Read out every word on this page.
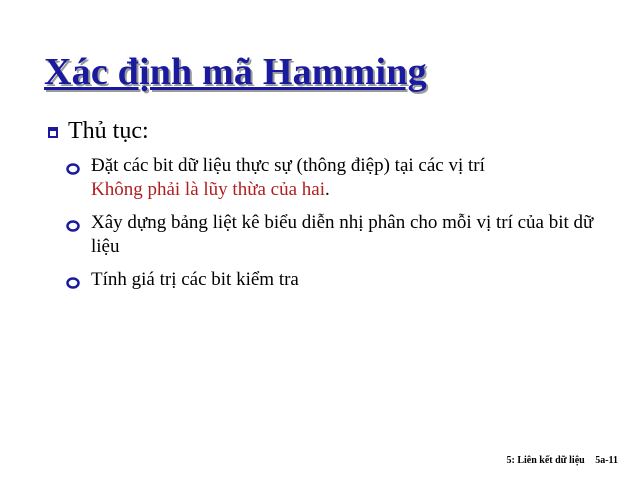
Xác định mã Hamming
Thủ tục:
Đặt các bit dữ liệu thực sự (thông điệp) tại các vị trí
Không phải là lũy thừa của hai.
Xây dựng bảng liệt kê biểu diễn nhị phân cho mỗi vị trí của bit dữ liệu
Tính giá trị các bit kiểm tra
5: Liên kết dữ liệu 5a-11
